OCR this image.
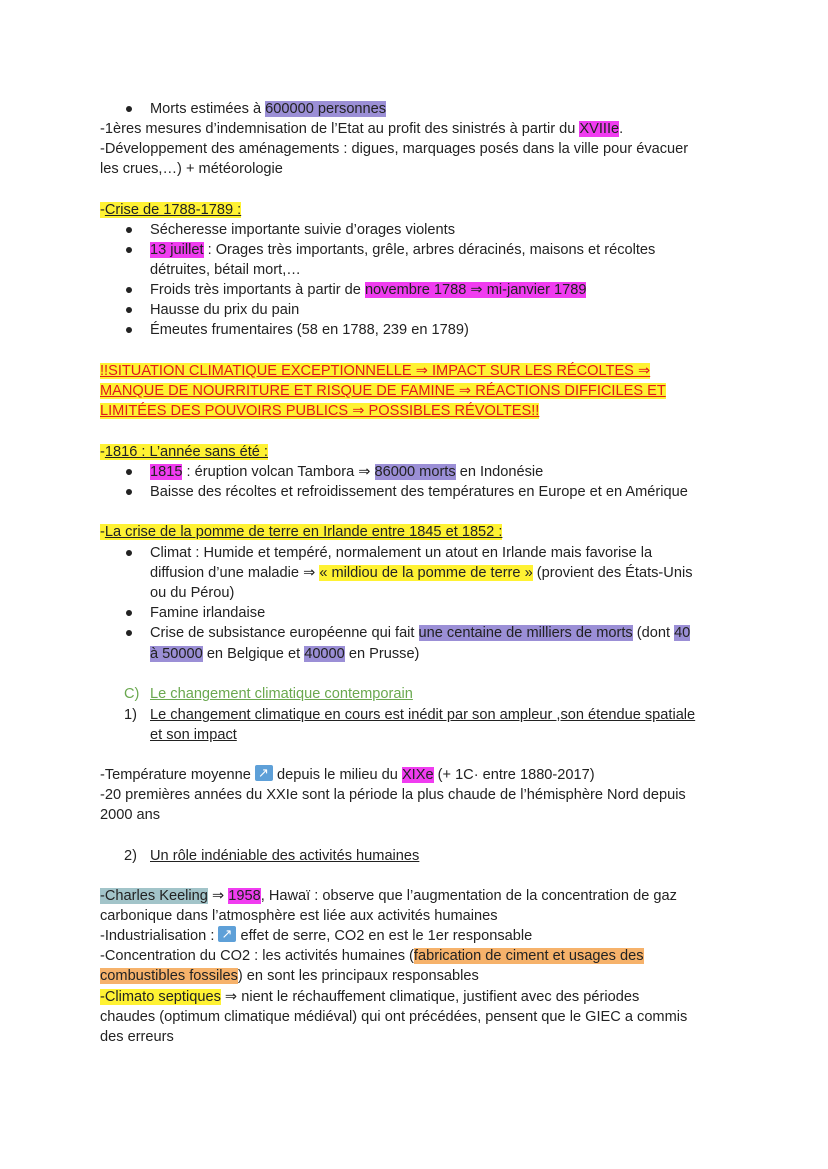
Morts estimées à 600000 personnes
-1ères mesures d’indemnisation de l’Etat au profit des sinistrés à partir du XVIIIe.
-Développement des aménagements : digues, marquages posés dans la ville pour évacuer
les crues,…) + météorologie
-Crise de 1788-1789 :
Sécheresse importante suivie d’orages violents
13 juillet : Orages très importants, grêle, arbres déracinés, maisons et récoltes
détruites, bétail mort,…
Froids très importants à partir de novembre 1788 ⇒ mi-janvier 1789
Hausse du prix du pain
Émeutes frumentaires (58 en 1788, 239 en 1789)
!!SITUATION CLIMATIQUE EXCEPTIONNELLE ⇒ IMPACT SUR LES RÉCOLTES ⇒
MANQUE DE NOURRITURE ET RISQUE DE FAMINE ⇒ RÉACTIONS DIFFICILES ET
LIMITÉES DES POUVOIRS PUBLICS ⇒ POSSIBLES RÉVOLTES!!
-1816 : L’année sans été :
1815 : éruption volcan Tambora ⇒ 86000 morts en Indonésie
Baisse des récoltes et refroidissement des températures en Europe et en Amérique
-La crise de la pomme de terre en Irlande entre 1845 et 1852 :
Climat : Humide et tempéré, normalement un atout en Irlande mais favorise la
diffusion d’une maladie ⇒ « mildiou de la pomme de terre » (provient des États-Unis
ou du Pérou)
Famine irlandaise
Crise de subsistance européenne qui fait une centaine de milliers de morts (dont 40
à 50000 en Belgique et 40000 en Prusse)
C) Le changement climatique contemporain
1) Le changement climatique en cours est inédit par son ampleur ,son étendue spatiale
et son impact
-Température moyenne ↗ depuis le milieu du XIXe (+ 1C· entre 1880-2017)
-20 premières années du XXIe sont la période la plus chaude de l’hémisphère Nord depuis
2000 ans
2) Un rôle indéniable des activités humaines
-Charles Keeling ⇒ 1958, Hawaï : observe que l’augmentation de la concentration de gaz
carbonique dans l’atmosphère est liée aux activités humaines
-Industrialisation : ↗ effet de serre, CO2 en est le 1er responsable
-Concentration du CO2 : les activités humaines (fabrication de ciment et usages des
combustibles fossiles) en sont les principaux responsables
-Climato septiques ⇒ nient le réchauffement climatique, justifient avec des périodes
chaudes (optimum climatique médiéval) qui ont précédées, pensent que le GIEC a commis
des erreurs
